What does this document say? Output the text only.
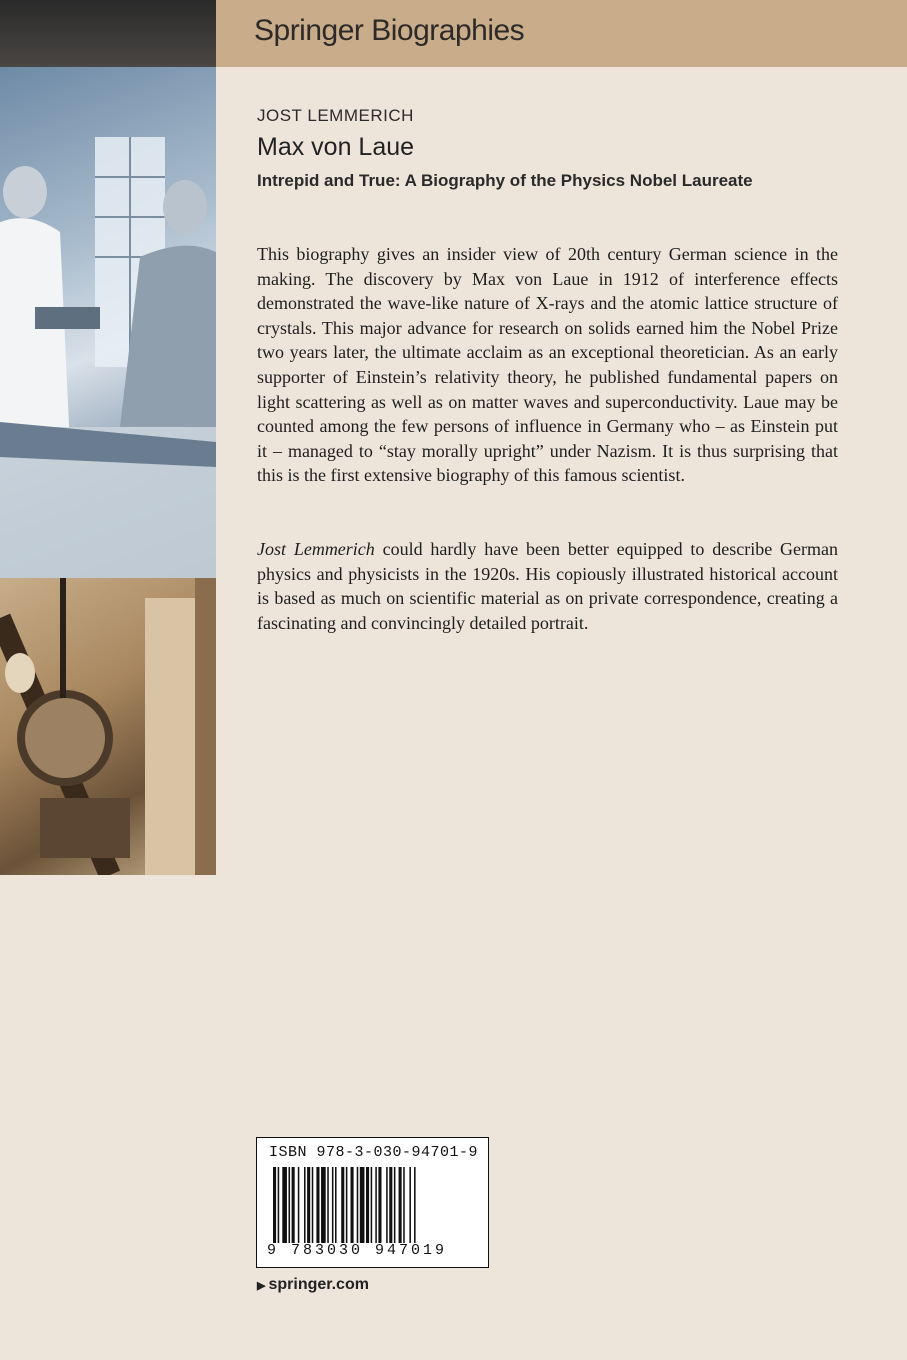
Springer Biographies
JOST LEMMERICH
Max von Laue
Intrepid and True: A Biography of the Physics Nobel Laureate

This biography gives an insider view of 20th century German science in the making. The discovery by Max von Laue in 1912 of interference effects demonstrated the wave-like nature of X-rays and the atomic lattice structure of crystals. This major advance for research on solids earned him the Nobel Prize two years later, the ultimate acclaim as an exceptional theoretician. As an early supporter of Einstein’s relativity theory, he published fundamental papers on light scattering as well as on matter waves and superconductivity. Laue may be counted among the few persons of influence in Germany who – as Einstein put it – managed to “stay morally upright” under Nazism. It is thus surprising that this is the first extensive biography of this famous scientist.

Jost Lemmerich could hardly have been better equipped to describe German physics and physicists in the 1920s. His copiously illustrated historical account is based as much on scientific material as on private correspondence, creating a fascinating and convincingly detailed portrait.

ISBN 978-3-030-94701-9
9 783030 947019
▶ springer.com
